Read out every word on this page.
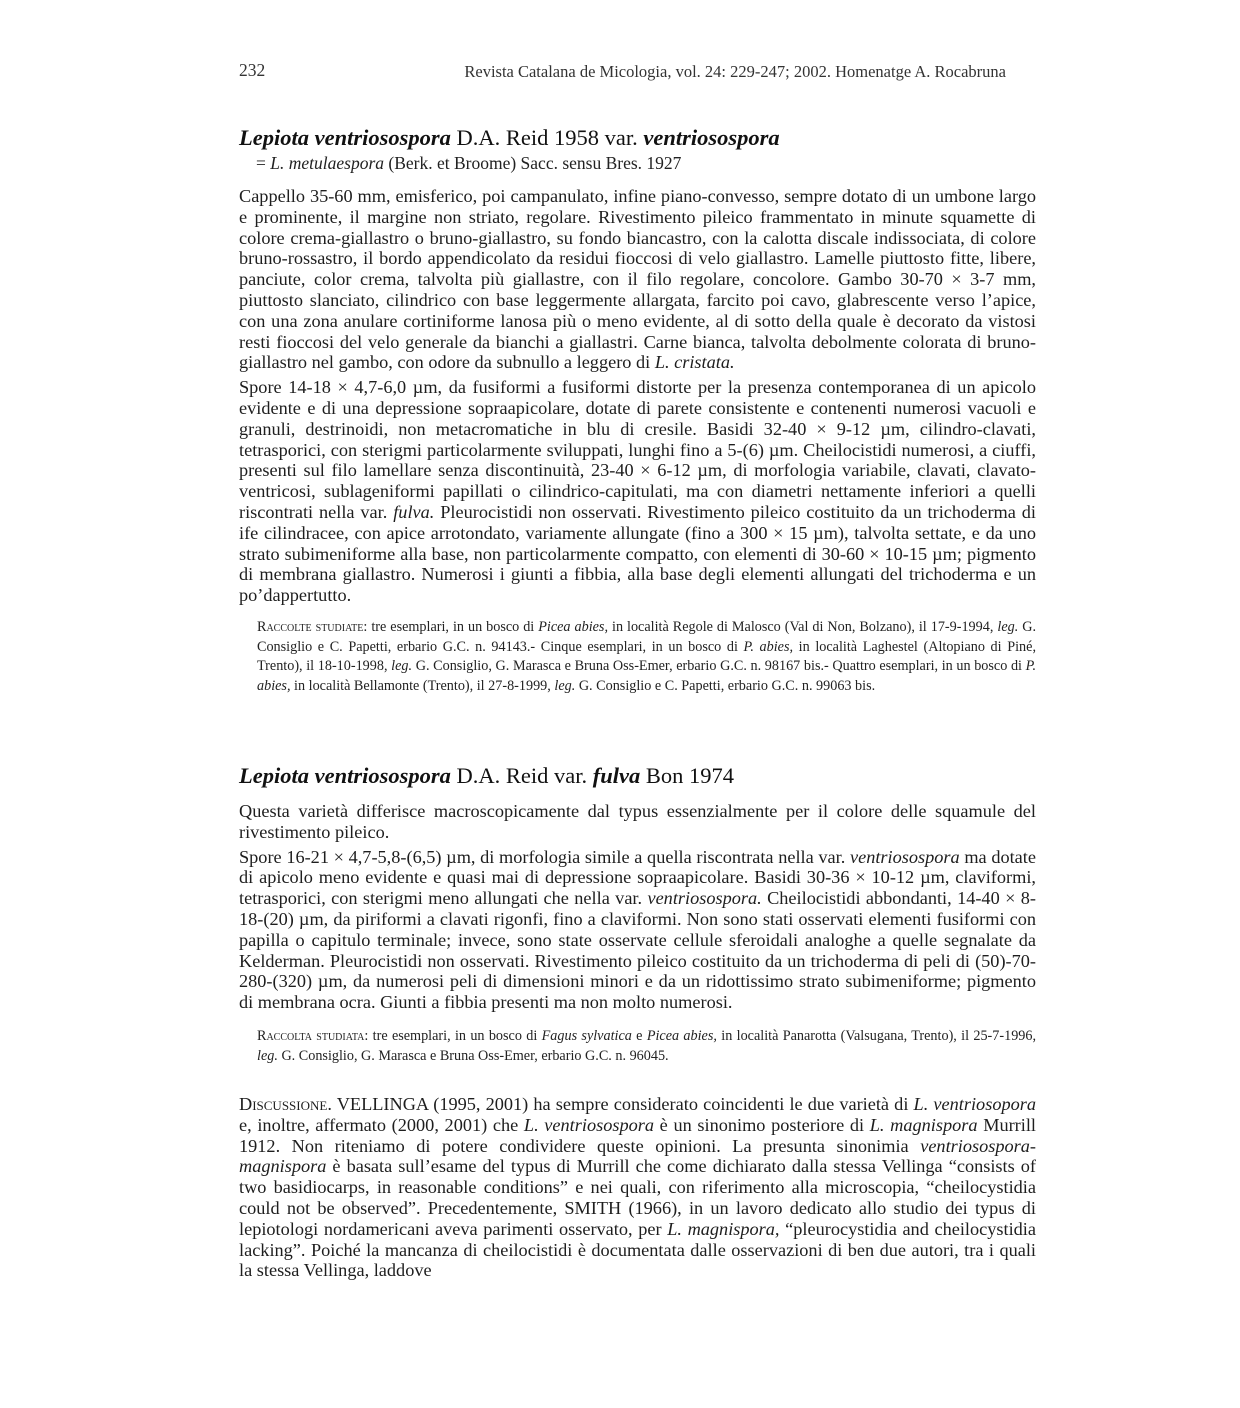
232	Revista Catalana de Micologia, vol. 24: 229-247; 2002. Homenatge A. Rocabruna
Lepiota ventriosospora D.A. Reid 1958 var. ventriosospora

= L. metulaespora (Berk. et Broome) Sacc. sensu Bres. 1927

Cappello 35-60 mm, emisferico, poi campanulato, infine piano-convesso, sempre dotato di un umbone largo e prominente, il margine non striato, regolare. Rivestimento pileico frammentato in minute squamette di colore crema-giallastro o bruno-giallastro, su fondo biancastro, con la calotta discale indissociata, di colore bruno-rossastro, il bordo appendicolato da residui fioccosi di velo giallastro. Lamelle piuttosto fitte, libere, panciute, color crema, talvolta più giallastre, con il filo regolare, concolore. Gambo 30-70 × 3-7 mm, piuttosto slanciato, cilindrico con base leggermente allargata, farcito poi cavo, glabrescente verso l’apice, con una zona anulare cortiniforme lanosa più o meno evidente, al di sotto della quale è decorato da vistosi resti fioccosi del velo generale da bianchi a giallastri. Carne bianca, talvolta debolmente colorata di bruno-giallastro nel gambo, con odore da subnullo a leggero di L. cristata.

Spore 14-18 × 4,7-6,0 µm, da fusiformi a fusiformi distorte per la presenza contemporanea di un apicolo evidente e di una depressione sopraapicolare, dotate di parete consistente e contenenti numerosi vacuoli e granuli, destrinoidi, non metacromatiche in blu di cresile. Basidi 32-40 × 9-12 µm, cilindro-clavati, tetrasporici, con sterigmi particolarmente sviluppati, lunghi fino a 5-(6) µm. Cheilocistidi numerosi, a ciuffi, presenti sul filo lamellare senza discontinuità, 23-40 × 6-12 µm, di morfologia variabile, clavati, clavato-ventricosi, sublageniformi papillati o cilindrico-capitulati, ma con diametri nettamente inferiori a quelli riscontrati nella var. fulva. Pleurocistidi non osservati. Rivestimento pileico costituito da un trichoderma di ife cilindracee, con apice arrotondato, variamente allungate (fino a 300 × 15 µm), talvolta settate, e da uno strato subimeniforme alla base, non particolarmente compatto, con elementi di 30-60 × 10-15 µm; pigmento di membrana giallastro. Numerosi i giunti a fibbia, alla base degli elementi allungati del trichoderma e un po’dappertutto.

Raccolte studiate: tre esemplari, in un bosco di Picea abies, in località Regole di Malosco (Val di Non, Bolzano), il 17-9-1994, leg. G. Consiglio e C. Papetti, erbario G.C. n. 94143.- Cinque esemplari, in un bosco di P. abies, in località Laghestel (Altopiano di Piné, Trento), il 18-10-1998, leg. G. Consiglio, G. Marasca e Bruna Oss-Emer, erbario G.C. n. 98167 bis.- Quattro esemplari, in un bosco di P. abies, in località Bellamonte (Trento), il 27-8-1999, leg. G. Consiglio e C. Papetti, erbario G.C. n. 99063 bis.

Lepiota ventriosospora D.A. Reid var. fulva Bon 1974

Questa varietà differisce macroscopicamente dal typus essenzialmente per il colore delle squamule del rivestimento pileico.

Spore 16-21 × 4,7-5,8-(6,5) µm, di morfologia simile a quella riscontrata nella var. ventriosospora ma dotate di apicolo meno evidente e quasi mai di depressione sopraapicolare. Basidi 30-36 × 10-12 µm, claviformi, tetrasporici, con sterigmi meno allungati che nella var. ventriosospora. Cheilocistidi abbondanti, 14-40 × 8-18-(20) µm, da piriformi a clavati rigonfi, fino a claviformi. Non sono stati osservati elementi fusiformi con papilla o capitulo terminale; invece, sono state osservate cellule sferoidali analoghe a quelle segnalate da Kelderman. Pleurocistidi non osservati. Rivestimento pileico costituito da un trichoderma di peli di (50)-70-280-(320) µm, da numerosi peli di dimensioni minori e da un ridottissimo strato subimeniforme; pigmento di membrana ocra. Giunti a fibbia presenti ma non molto numerosi.

Raccolta studiata: tre esemplari, in un bosco di Fagus sylvatica e Picea abies, in località Panarotta (Valsugana, Trento), il 25-7-1996, leg. G. Consiglio, G. Marasca e Bruna Oss-Emer, erbario G.C. n. 96045.

Discussione. VELLINGA (1995, 2001) ha sempre considerato coincidenti le due varietà di L. ventriosopora e, inoltre, affermato (2000, 2001) che L. ventriosospora è un sinonimo posteriore di L. magnispora Murrill 1912. Non riteniamo di potere condividere queste opinioni. La presunta sinonimia ventriosospora-magnispora è basata sull’esame del typus di Murrill che come dichiarato dalla stessa Vellinga “consists of two basidiocarps, in reasonable conditions” e nei quali, con riferimento alla microscopia, “cheilocystidia could not be observed”. Precedentemente, SMITH (1966), in un lavoro dedicato allo studio dei typus di lepiotologi nordamericani aveva parimenti osservato, per L. magnispora, “pleurocystidia and cheilocystidia lacking”. Poiché la mancanza di cheilocistidi è documentata dalle osservazioni di ben due autori, tra i quali la stessa Vellinga, laddove
